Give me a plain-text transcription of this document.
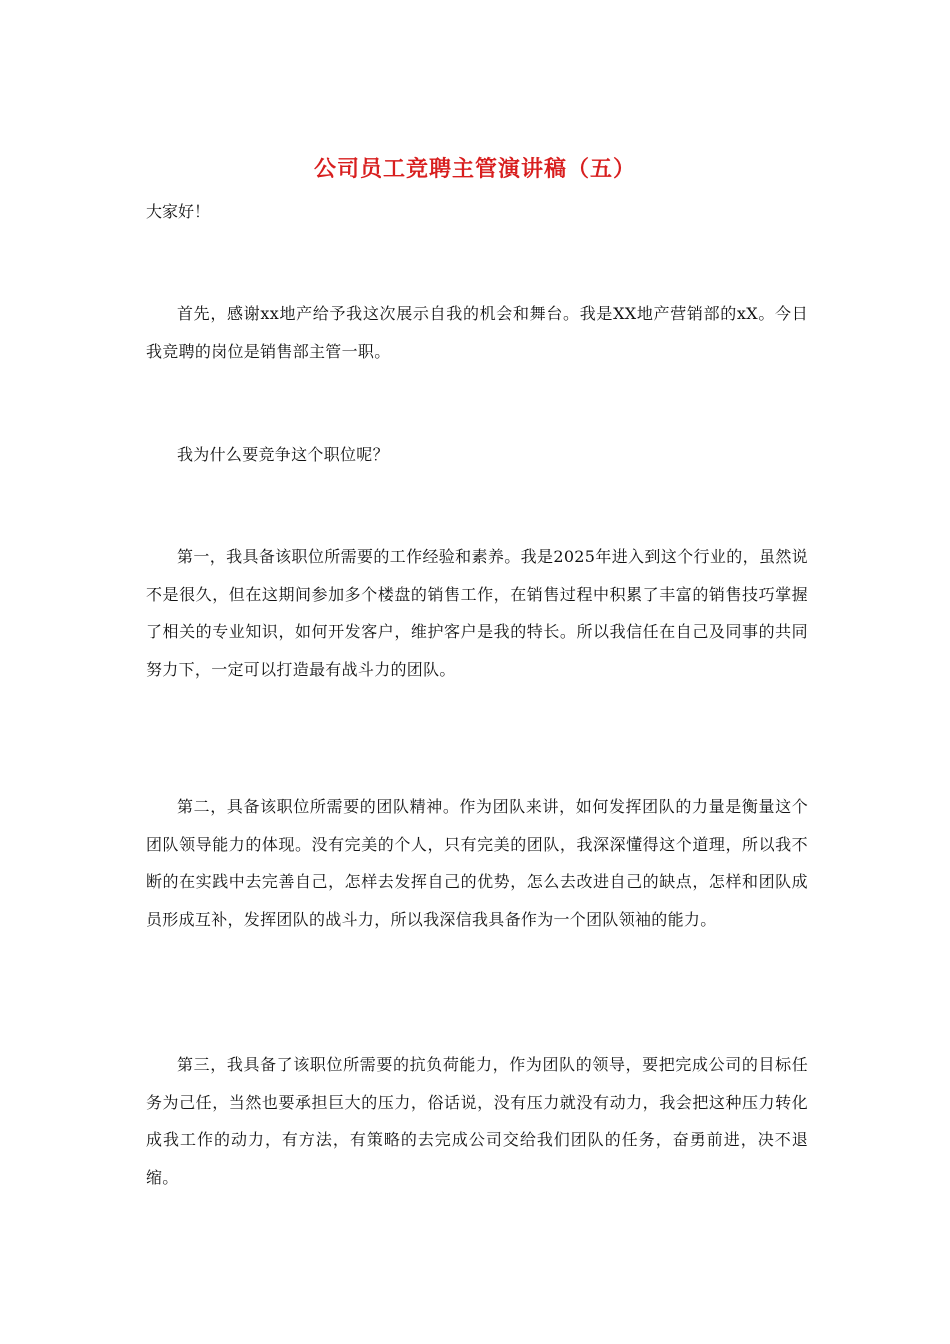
公司员工竞聘主管演讲稿（五）

大家好！

首先，感谢xx地产给予我这次展示自我的机会和舞台。我是XX地产营销部的xX。今日我竞聘的岗位是销售部主管一职。

我为什么要竞争这个职位呢？

第一，我具备该职位所需要的工作经验和素养。我是2025年进入到这个行业的，虽然说不是很久，但在这期间参加多个楼盘的销售工作，在销售过程中积累了丰富的销售技巧掌握了相关的专业知识，如何开发客户，维护客户是我的特长。所以我信任在自己及同事的共同努力下，一定可以打造最有战斗力的团队。

第二，具备该职位所需要的团队精神。作为团队来讲，如何发挥团队的力量是衡量这个团队领导能力的体现。没有完美的个人，只有完美的团队，我深深懂得这个道理，所以我不断的在实践中去完善自己，怎样去发挥自己的优势，怎么去改进自己的缺点，怎样和团队成员形成互补，发挥团队的战斗力，所以我深信我具备作为一个团队领袖的能力。

第三，我具备了该职位所需要的抗负荷能力，作为团队的领导，要把完成公司的目标任务为己任，当然也要承担巨大的压力，俗话说，没有压力就没有动力，我会把这种压力转化成我工作的动力，有方法，有策略的去完成公司交给我们团队的任务，奋勇前进，决不退缩。
